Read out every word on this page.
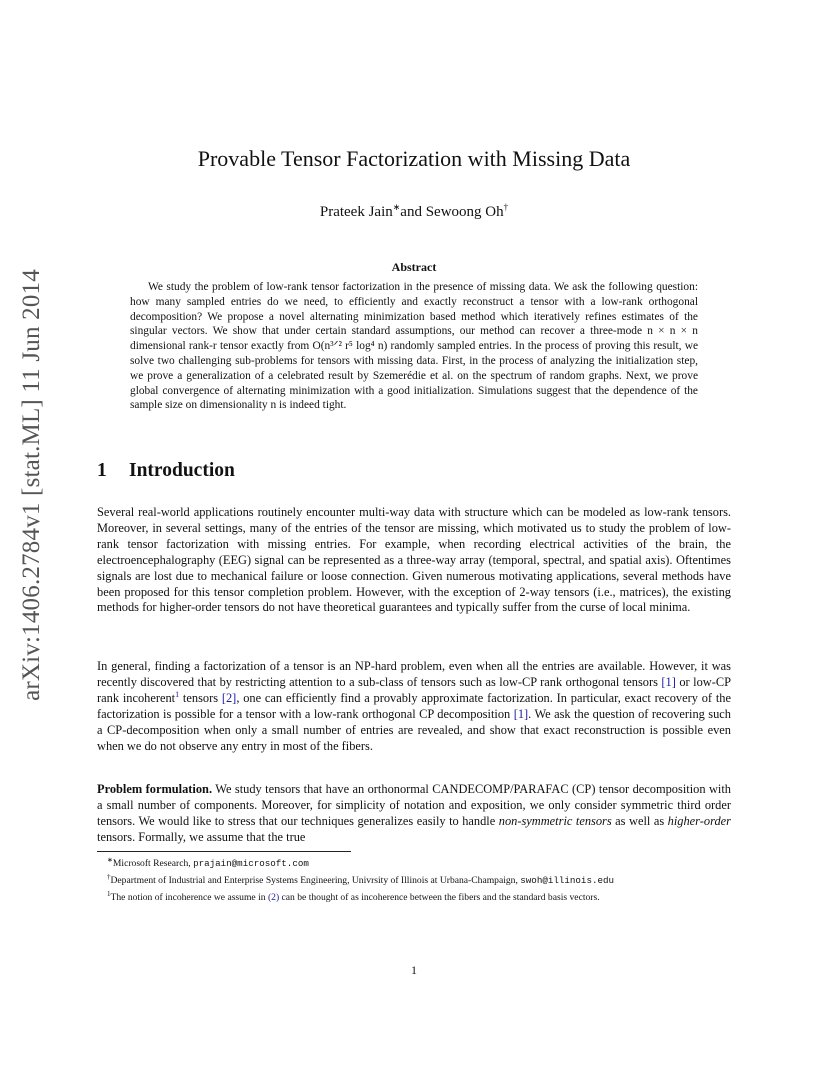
arXiv:1406.2784v1 [stat.ML] 11 Jun 2014
Provable Tensor Factorization with Missing Data

Prateek Jain∗and Sewoong Oh†

Abstract

We study the problem of low-rank tensor factorization in the presence of missing data. We ask the following question: how many sampled entries do we need, to efficiently and exactly reconstruct a tensor with a low-rank orthogonal decomposition? We propose a novel alternating minimization based method which iteratively refines estimates of the singular vectors. We show that under certain standard assumptions, our method can recover a three-mode n × n × n dimensional rank-r tensor exactly from O(n³ᐟ² r⁵ log⁴ n) randomly sampled entries. In the process of proving this result, we solve two challenging sub-problems for tensors with missing data. First, in the process of analyzing the initialization step, we prove a generalization of a celebrated result by Szemerédie et al. on the spectrum of random graphs. Next, we prove global convergence of alternating minimization with a good initialization. Simulations suggest that the dependence of the sample size on dimensionality n is indeed tight.

1 Introduction

Several real-world applications routinely encounter multi-way data with structure which can be modeled as low-rank tensors. Moreover, in several settings, many of the entries of the tensor are missing, which motivated us to study the problem of low-rank tensor factorization with missing entries. For example, when recording electrical activities of the brain, the electroencephalography (EEG) signal can be represented as a three-way array (temporal, spectral, and spatial axis). Oftentimes signals are lost due to mechanical failure or loose connection. Given numerous motivating applications, several methods have been proposed for this tensor completion problem. However, with the exception of 2-way tensors (i.e., matrices), the existing methods for higher-order tensors do not have theoretical guarantees and typically suffer from the curse of local minima.

In general, finding a factorization of a tensor is an NP-hard problem, even when all the entries are available. However, it was recently discovered that by restricting attention to a sub-class of tensors such as low-CP rank orthogonal tensors [1] or low-CP rank incoherent$^1$ tensors [2], one can efficiently find a provably approximate factorization. In particular, exact recovery of the factorization is possible for a tensor with a low-rank orthogonal CP decomposition [1]. We ask the question of recovering such a CP-decomposition when only a small number of entries are revealed, and show that exact reconstruction is possible even when we do not observe any entry in most of the fibers.

Problem formulation. We study tensors that have an orthonormal CANDECOMP/PARAFAC (CP) tensor decomposition with a small number of components. Moreover, for simplicity of notation and exposition, we only consider symmetric third order tensors. We would like to stress that our techniques generalizes easily to handle non-symmetric tensors as well as higher-order tensors. Formally, we assume that the true

∗Microsoft Research, prajain@microsoft.com

†Department of Industrial and Enterprise Systems Engineering, Univrsity of Illinois at Urbana-Champaign, swoh@illinois.edu

$^1$The notion of incoherence we assume in (2) can be thought of as incoherence between the fibers and the standard basis vectors.

1
